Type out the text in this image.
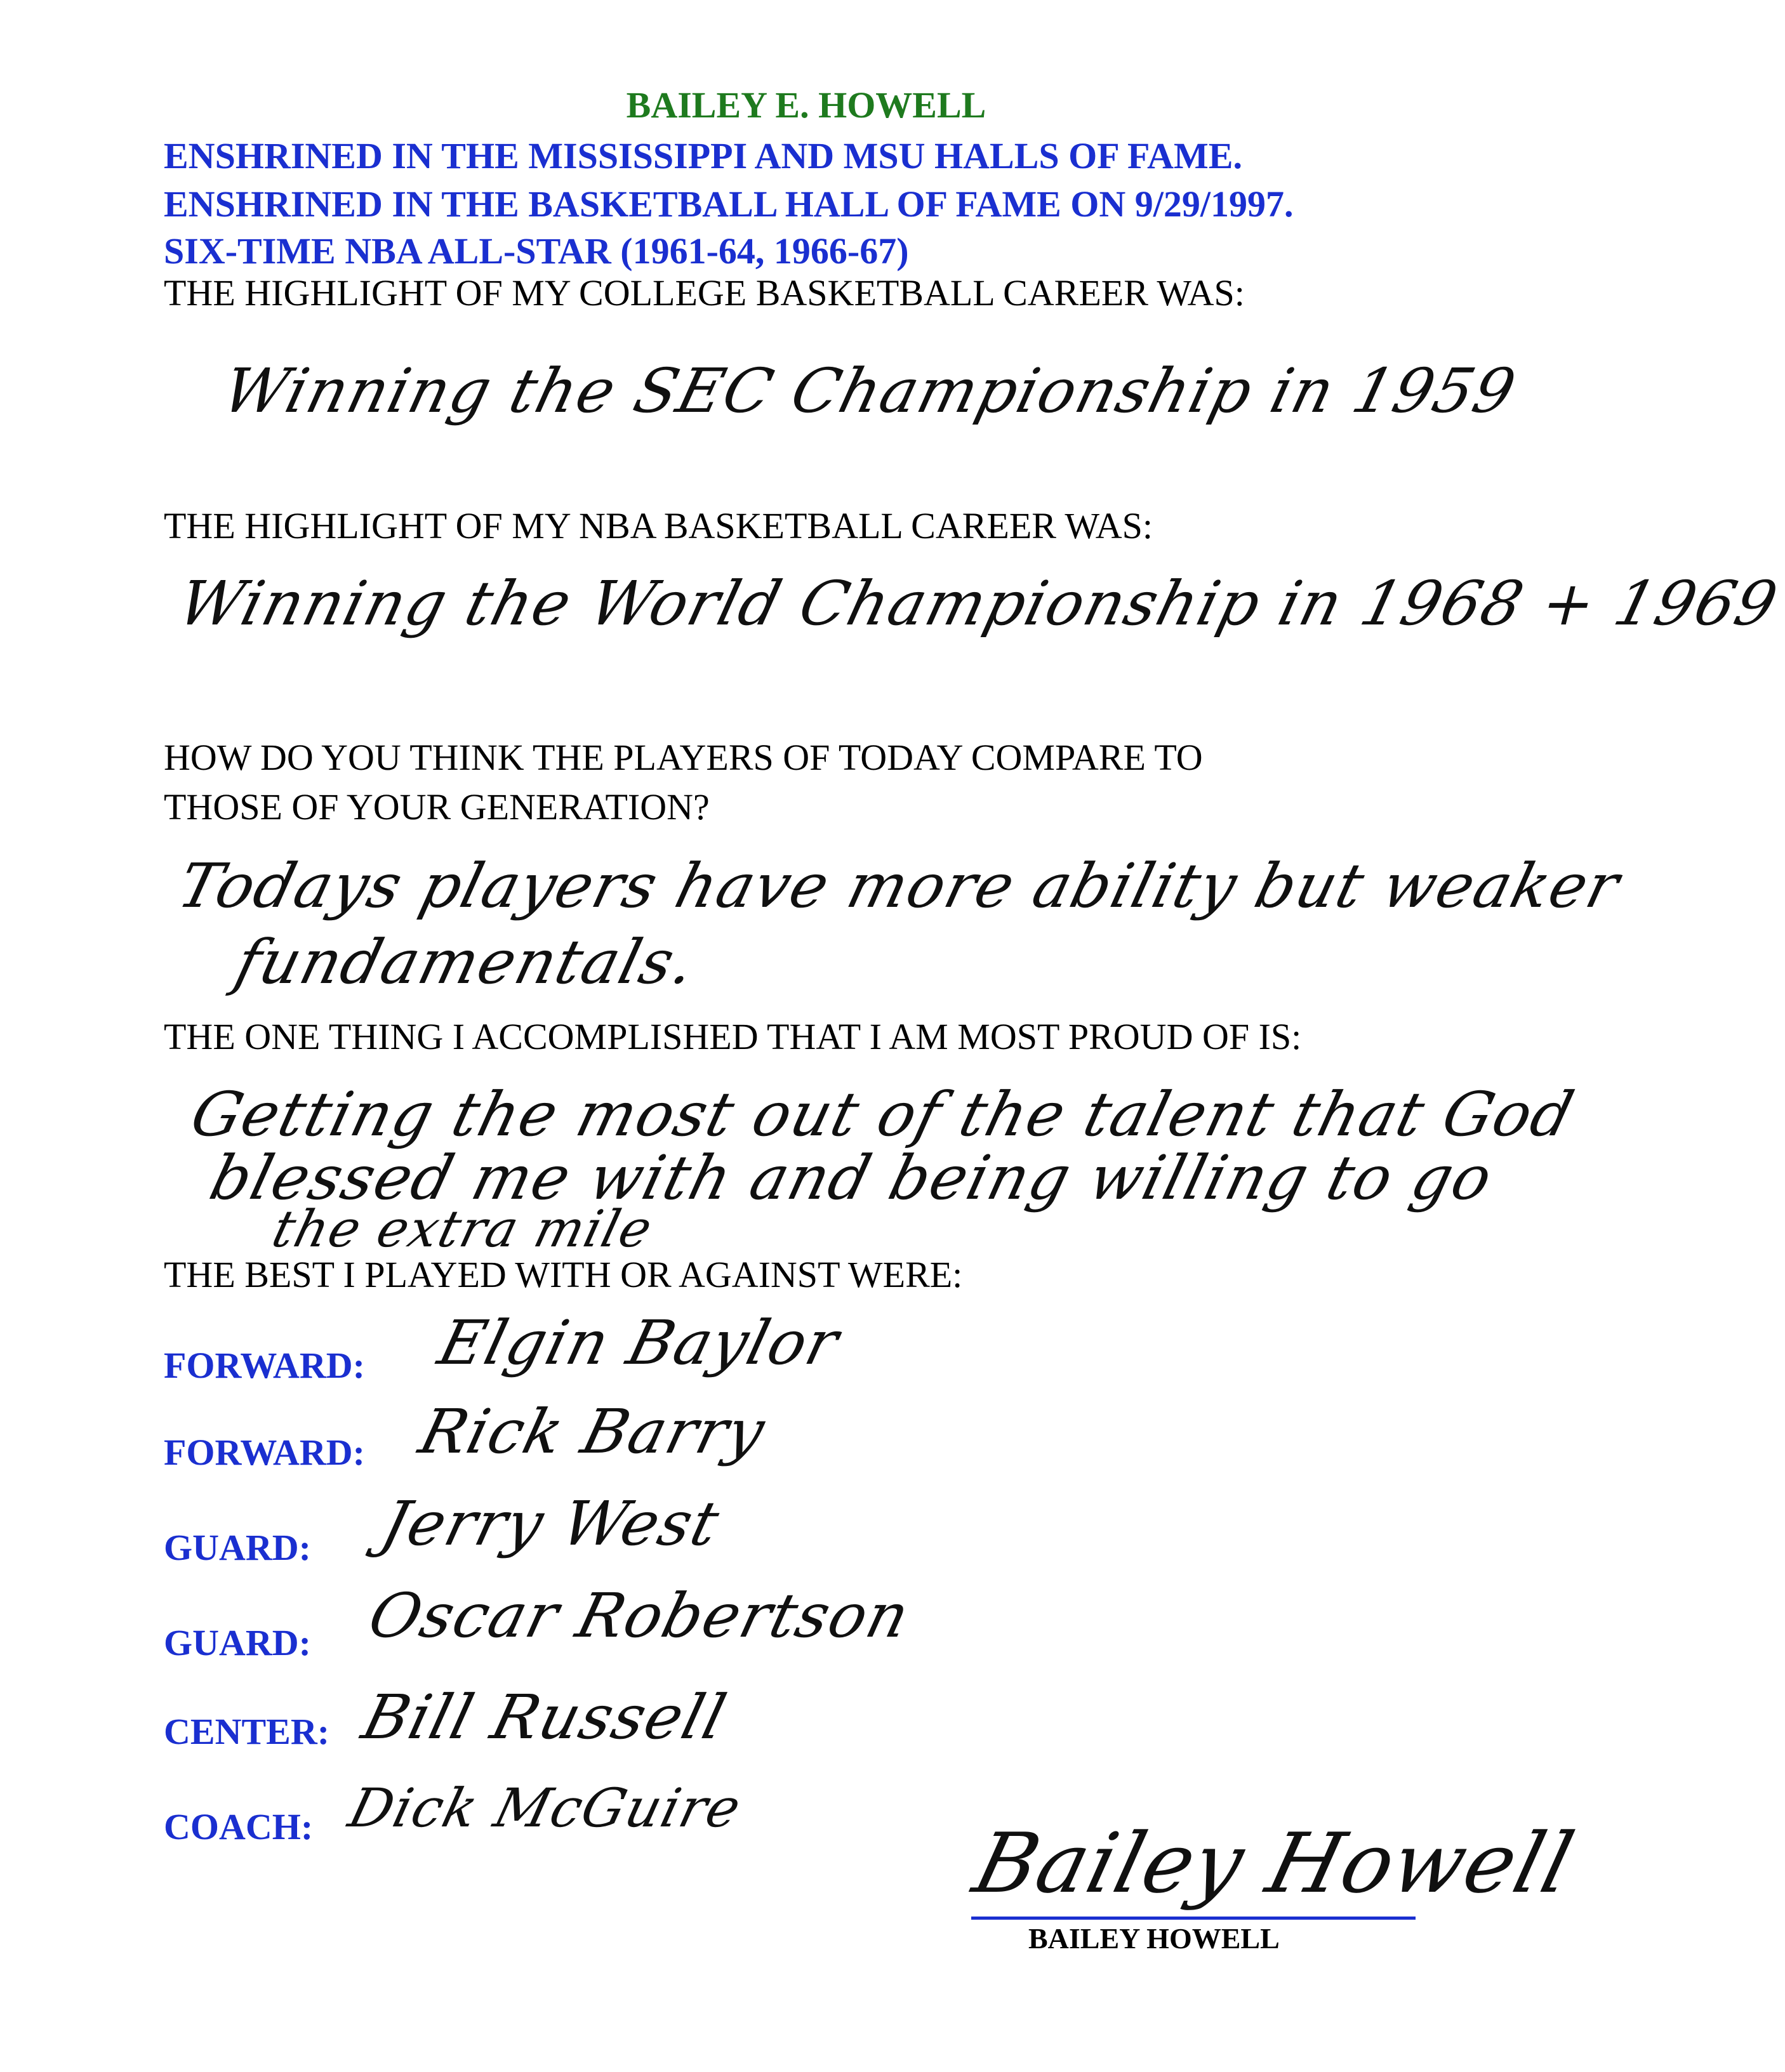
BAILEY E. HOWELL
ENSHRINED IN THE MISSISSIPPI AND MSU HALLS OF FAME.
ENSHRINED IN THE BASKETBALL HALL OF FAME ON 9/29/1997.
SIX-TIME NBA ALL-STAR (1961-64, 1966-67)
THE HIGHLIGHT OF MY COLLEGE BASKETBALL CAREER WAS:
Winning the SEC Championship in 1959
THE HIGHLIGHT OF MY NBA BASKETBALL CAREER WAS:
Winning the World Championship in 1968 + 1969
HOW DO YOU THINK THE PLAYERS OF TODAY COMPARE TO
THOSE OF YOUR GENERATION?
Todays players have more ability but weaker
fundamentals.
THE ONE THING I ACCOMPLISHED THAT I AM MOST PROUD OF IS:
Getting the most out of the talent that God
blessed me with and being willing to go
the extra mile
THE BEST I PLAYED WITH OR AGAINST WERE:
FORWARD: Elgin Baylor
FORWARD: Rick Barry
GUARD: Jerry West
GUARD: Oscar Robertson
CENTER: Bill Russell
COACH: Dick McGuire
Bailey Howell
BAILEY HOWELL
